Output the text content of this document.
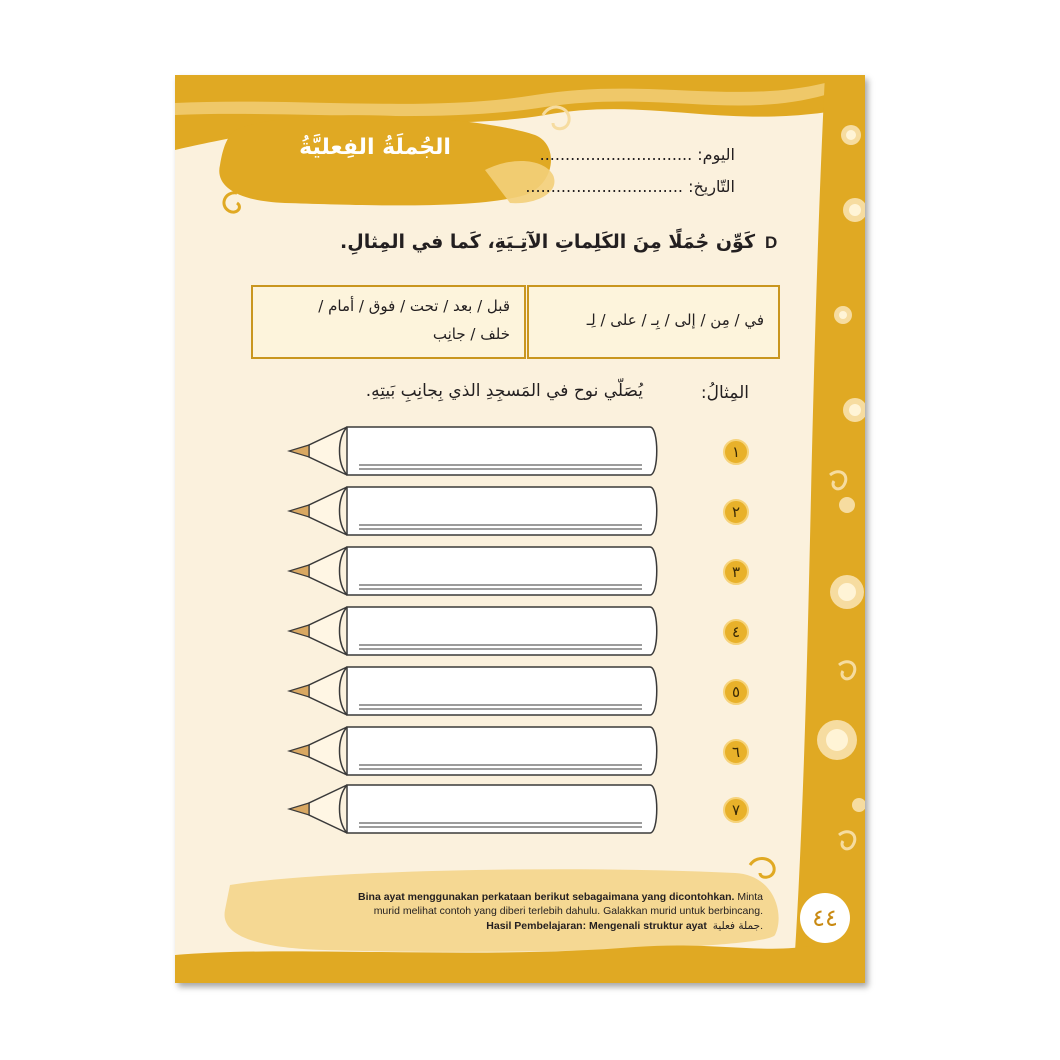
الجُملَةُ الفِعليَّةُ	اليوم: ..............................
التّاريخ: ...............................
D
كَوِّن جُمَلًا مِنَ الكَلِماتِ الآتِـيَةِ، كَما في المِثالِ.
في / مِن / إلى / بِـ / على / لِـ
قبل / بعد / تحت / فوق / أمام /
خلف / جانِب
المِثالُ:
يُصَلّي نوح في المَسجِدِ الذي بِجانِبِ بَيتِهِ.
١
٢
٣
٤
٥
٦
٧
Bina ayat menggunakan perkataan berikut sebagaimana yang dicontohkan. Minta
murid melihat contoh yang diberi terlebih dahulu. Galakkan murid untuk berbincang.
Hasil Pembelajaran: Mengenali struktur ayat جملة فعلية.	٤٤
